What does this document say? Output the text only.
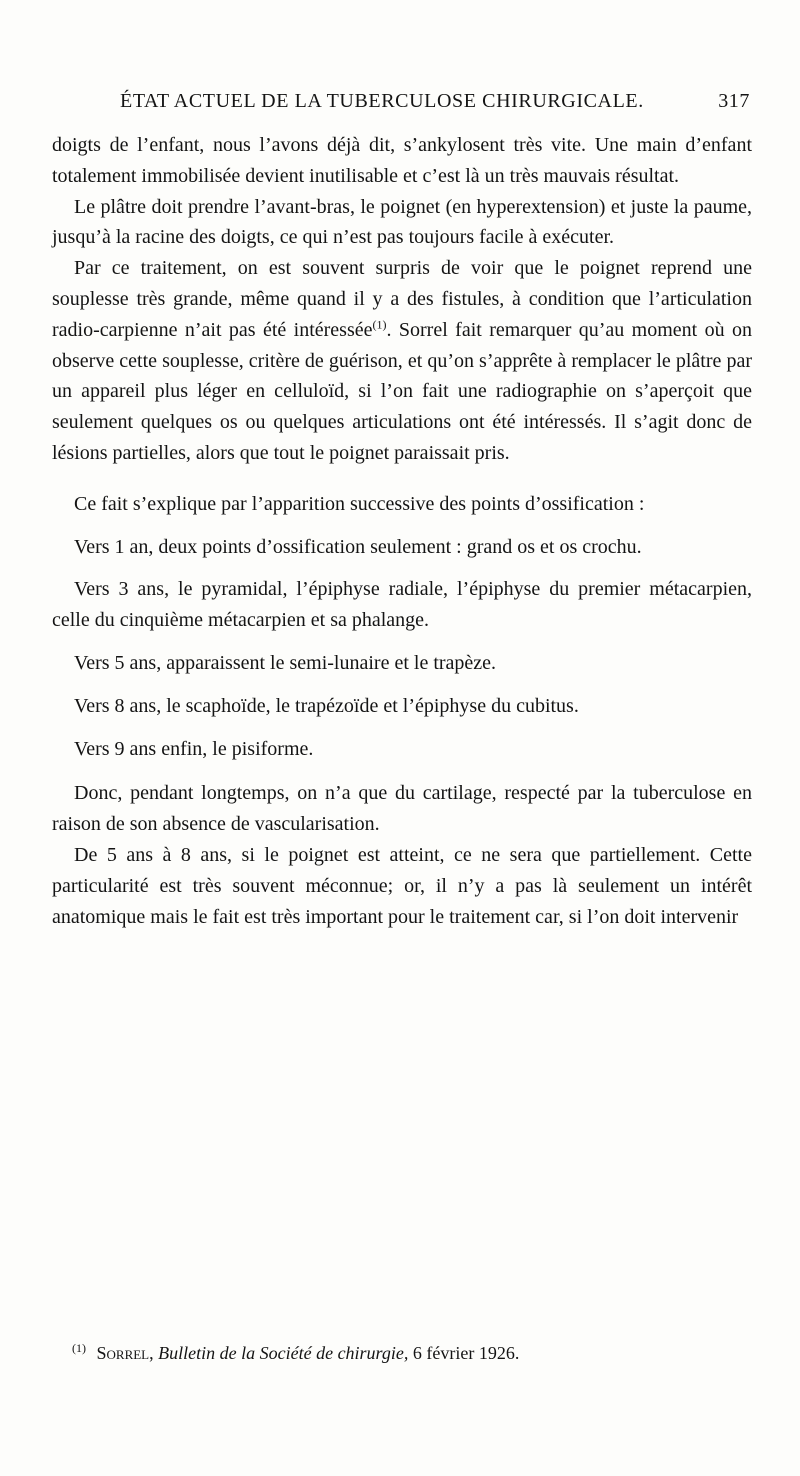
ÉTAT ACTUEL DE LA TUBERCULOSE CHIRURGICALE.	317

doigts de l’enfant, nous l’avons déjà dit, s’ankylosent très vite. Une main d’enfant totalement immobilisée devient inutilisable et c’est là un très mauvais résultat.

Le plâtre doit prendre l’avant-bras, le poignet (en hyperextension) et juste la paume, jusqu’à la racine des doigts, ce qui n’est pas toujours facile à exécuter.

Par ce traitement, on est souvent surpris de voir que le poignet reprend une souplesse très grande, même quand il y a des fistules, à condition que l’articulation radio-carpienne n’ait pas été intéressée$^{(1)}$. Sorrel fait remarquer qu’au moment où on observe cette souplesse, critère de guérison, et qu’on s’apprête à remplacer le plâtre par un appareil plus léger en celluloïd, si l’on fait une radiographie on s’aperçoit que seulement quelques os ou quelques articulations ont été intéressés. Il s’agit donc de lésions partielles, alors que tout le poignet paraissait pris.

Ce fait s’explique par l’apparition successive des points d’ossification :

Vers 1 an, deux points d’ossification seulement : grand os et os crochu.

Vers 3 ans, le pyramidal, l’épiphyse radiale, l’épiphyse du premier métacarpien, celle du cinquième métacarpien et sa phalange.

Vers 5 ans, apparaissent le semi-lunaire et le trapèze.

Vers 8 ans, le scaphoïde, le trapézoïde et l’épiphyse du cubitus.

Vers 9 ans enfin, le pisiforme.

Donc, pendant longtemps, on n’a que du cartilage, respecté par la tuberculose en raison de son absence de vascularisation.

De 5 ans à 8 ans, si le poignet est atteint, ce ne sera que partiellement. Cette particularité est très souvent méconnue; or, il n’y a pas là seulement un intérêt anatomique mais le fait est très important pour le traitement car, si l’on doit intervenir

$^{(1)}$ Sorrel, Bulletin de la Société de chirurgie, 6 février 1926.
